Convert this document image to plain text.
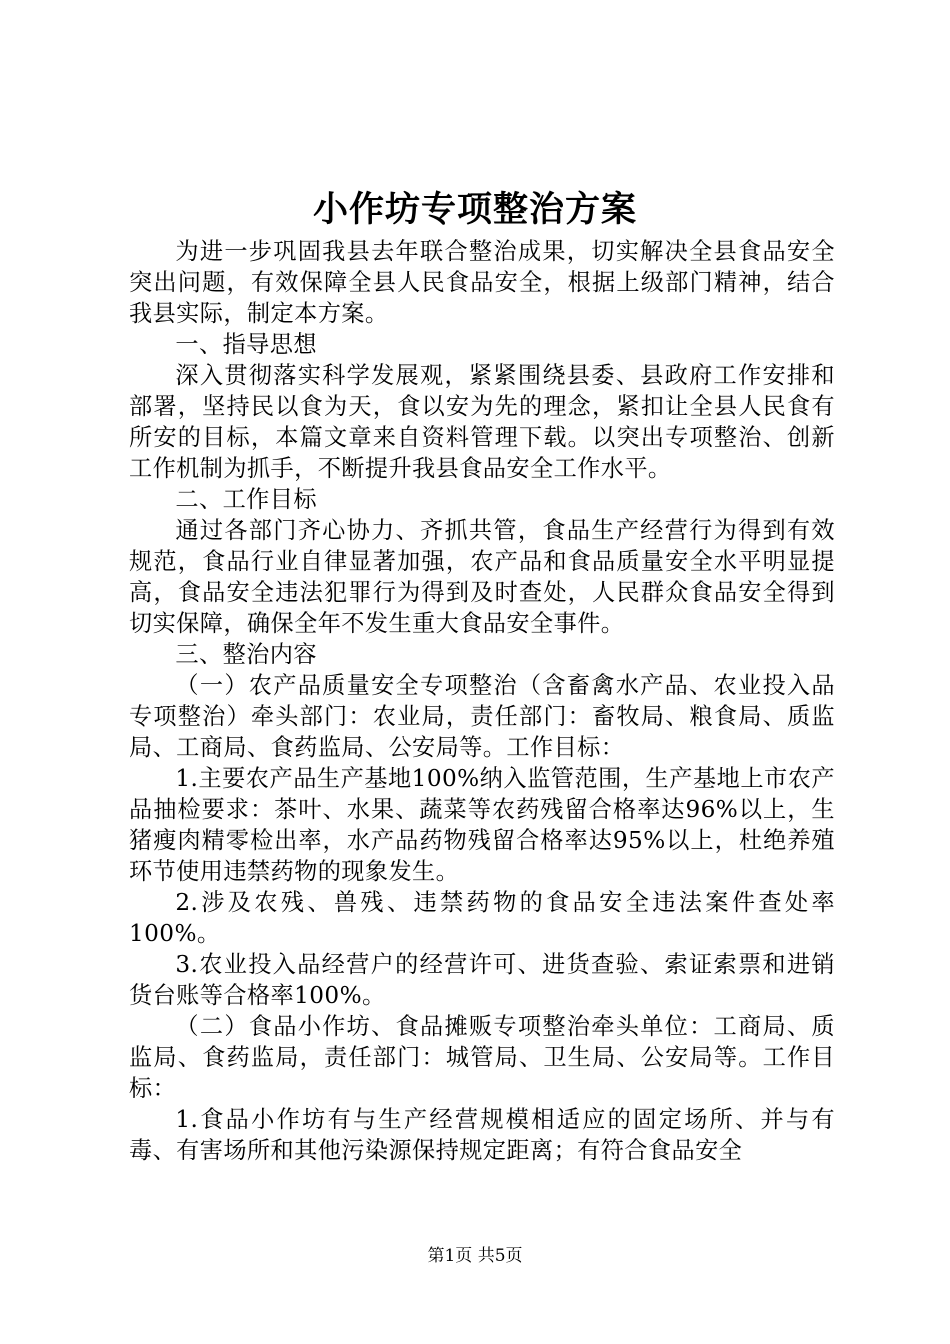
小作坊专项整治方案

为进一步巩固我县去年联合整治成果，切实解决全县食品安全突出问题，有效保障全县人民食品安全，根据上级部门精神，结合我县实际，制定本方案。

一、指导思想

深入贯彻落实科学发展观，紧紧围绕县委、县政府工作安排和部署，坚持民以食为天，食以安为先的理念，紧扣让全县人民食有所安的目标，本篇文章来自资料管理下载。以突出专项整治、创新工作机制为抓手，不断提升我县食品安全工作水平。

二、工作目标

通过各部门齐心协力、齐抓共管，食品生产经营行为得到有效规范，食品行业自律显著加强，农产品和食品质量安全水平明显提高，食品安全违法犯罪行为得到及时查处，人民群众食品安全得到切实保障，确保全年不发生重大食品安全事件。

三、整治内容

（一）农产品质量安全专项整治（含畜禽水产品、农业投入品专项整治）牵头部门：农业局，责任部门：畜牧局、粮食局、质监局、工商局、食药监局、公安局等。工作目标：

1.主要农产品生产基地100%纳入监管范围，生产基地上市农产品抽检要求：茶叶、水果、蔬菜等农药残留合格率达96%以上，生猪瘦肉精零检出率，水产品药物残留合格率达95%以上，杜绝养殖环节使用违禁药物的现象发生。

2.涉及农残、兽残、违禁药物的食品安全违法案件查处率100%。

3.农业投入品经营户的经营许可、进货查验、索证索票和进销货台账等合格率100%。

（二）食品小作坊、食品摊贩专项整治牵头单位：工商局、质监局、食药监局，责任部门：城管局、卫生局、公安局等。工作目标：

1.食品小作坊有与生产经营规模相适应的固定场所、并与有毒、有害场所和其他污染源保持规定距离；有符合食品安全

第1页 共5页
